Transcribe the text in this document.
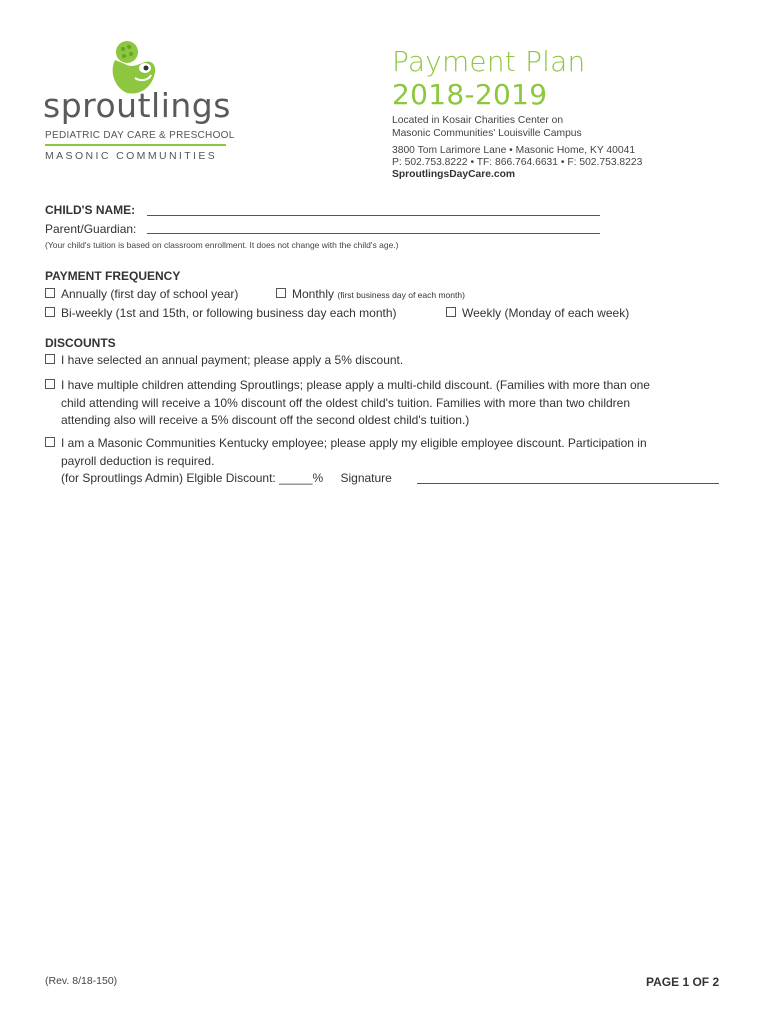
sproutlings
PEDIATRIC DAY CARE & PRESCHOOL
MASONIC COMMUNITIES
Payment Plan
2018-2019
Located in Kosair Charities Center on
Masonic Communities' Louisville Campus
3800 Tom Larimore Lane • Masonic Home, KY 40041
P: 502.753.8222 • TF: 866.764.6631 • F: 502.753.8223
SproutlingsDayCare.com
CHILD'S NAME:
Parent/Guardian:
(Your child's tuition is based on classroom enrollment. It does not change with the child's age.)
PAYMENT FREQUENCY
Annually (first day of school year)	Monthly (first business day of each month)
Bi-weekly (1st and 15th, or following business day each month)	Weekly (Monday of each week)
DISCOUNTS
I have selected an annual payment; please apply a 5% discount.
I have multiple children attending Sproutlings; please apply a multi-child discount. (Families with more than one
child attending will receive a 10% discount off the oldest child's tuition. Families with more than two children
attending also will receive a 5% discount off the second oldest child's tuition.)
I am a Masonic Communities Kentucky employee; please apply my eligible employee discount. Participation in
payroll deduction is required.
(for Sproutlings Admin) Elgible Discount: _____% Signature
(Rev. 8/18-150)	PAGE 1 OF 2
